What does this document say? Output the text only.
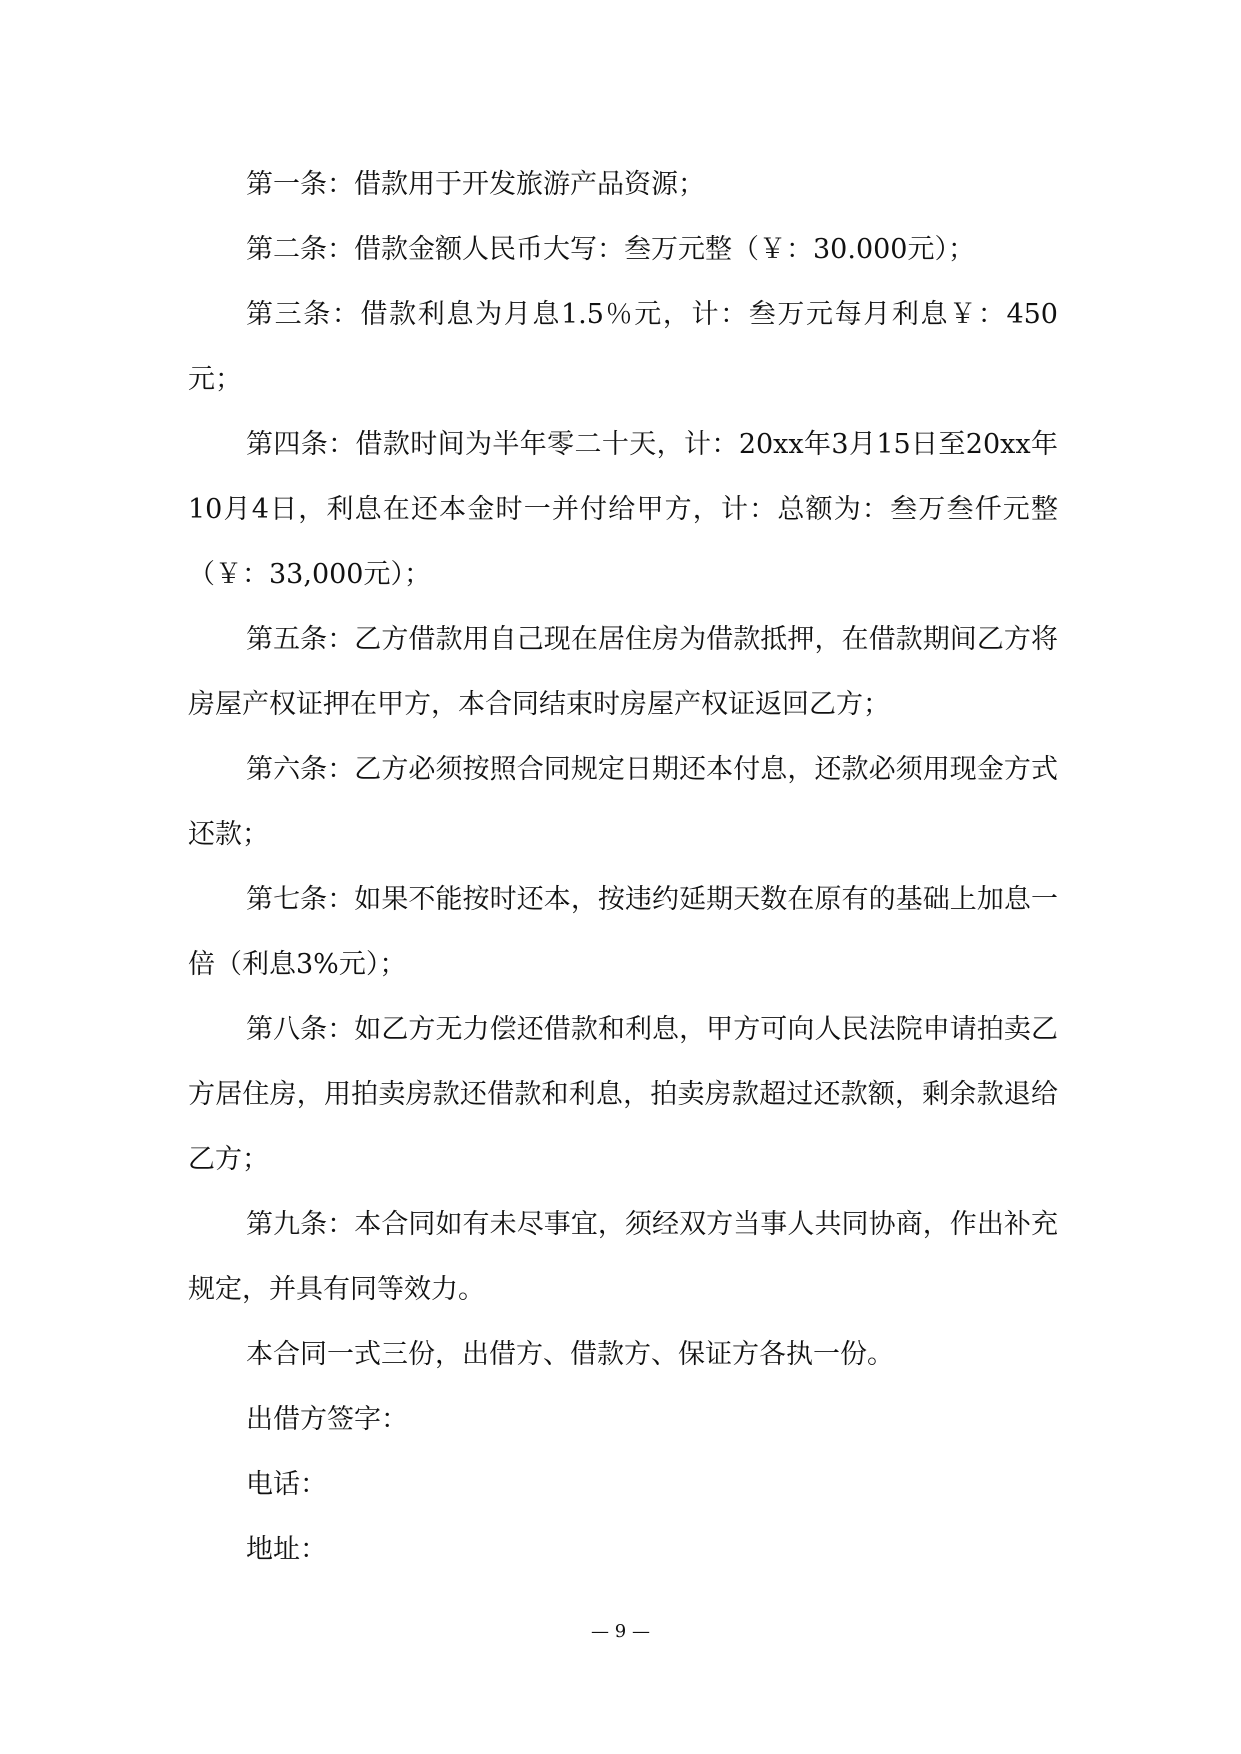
第一条：借款用于开发旅游产品资源；

第二条：借款金额人民币大写：叁万元整（￥：30.000元）；

第三条：借款利息为月息1.5％元，计：叁万元每月利息￥：450元；

第四条：借款时间为半年零二十天，计：20xx年3月15日至20xx年10月4日，利息在还本金时一并付给甲方，计：总额为：叁万叁仟元整（￥：33,000元）；

第五条：乙方借款用自己现在居住房为借款抵押，在借款期间乙方将房屋产权证押在甲方，本合同结束时房屋产权证返回乙方；

第六条：乙方必须按照合同规定日期还本付息，还款必须用现金方式还款；

第七条：如果不能按时还本，按违约延期天数在原有的基础上加息一倍（利息3%元）；

第八条：如乙方无力偿还借款和利息，甲方可向人民法院申请拍卖乙方居住房，用拍卖房款还借款和利息，拍卖房款超过还款额，剩余款退给乙方；

第九条：本合同如有未尽事宜，须经双方当事人共同协商，作出补充规定，并具有同等效力。

本合同一式三份，出借方、借款方、保证方各执一份。

出借方签字：

电话：

地址：

— 9 —
